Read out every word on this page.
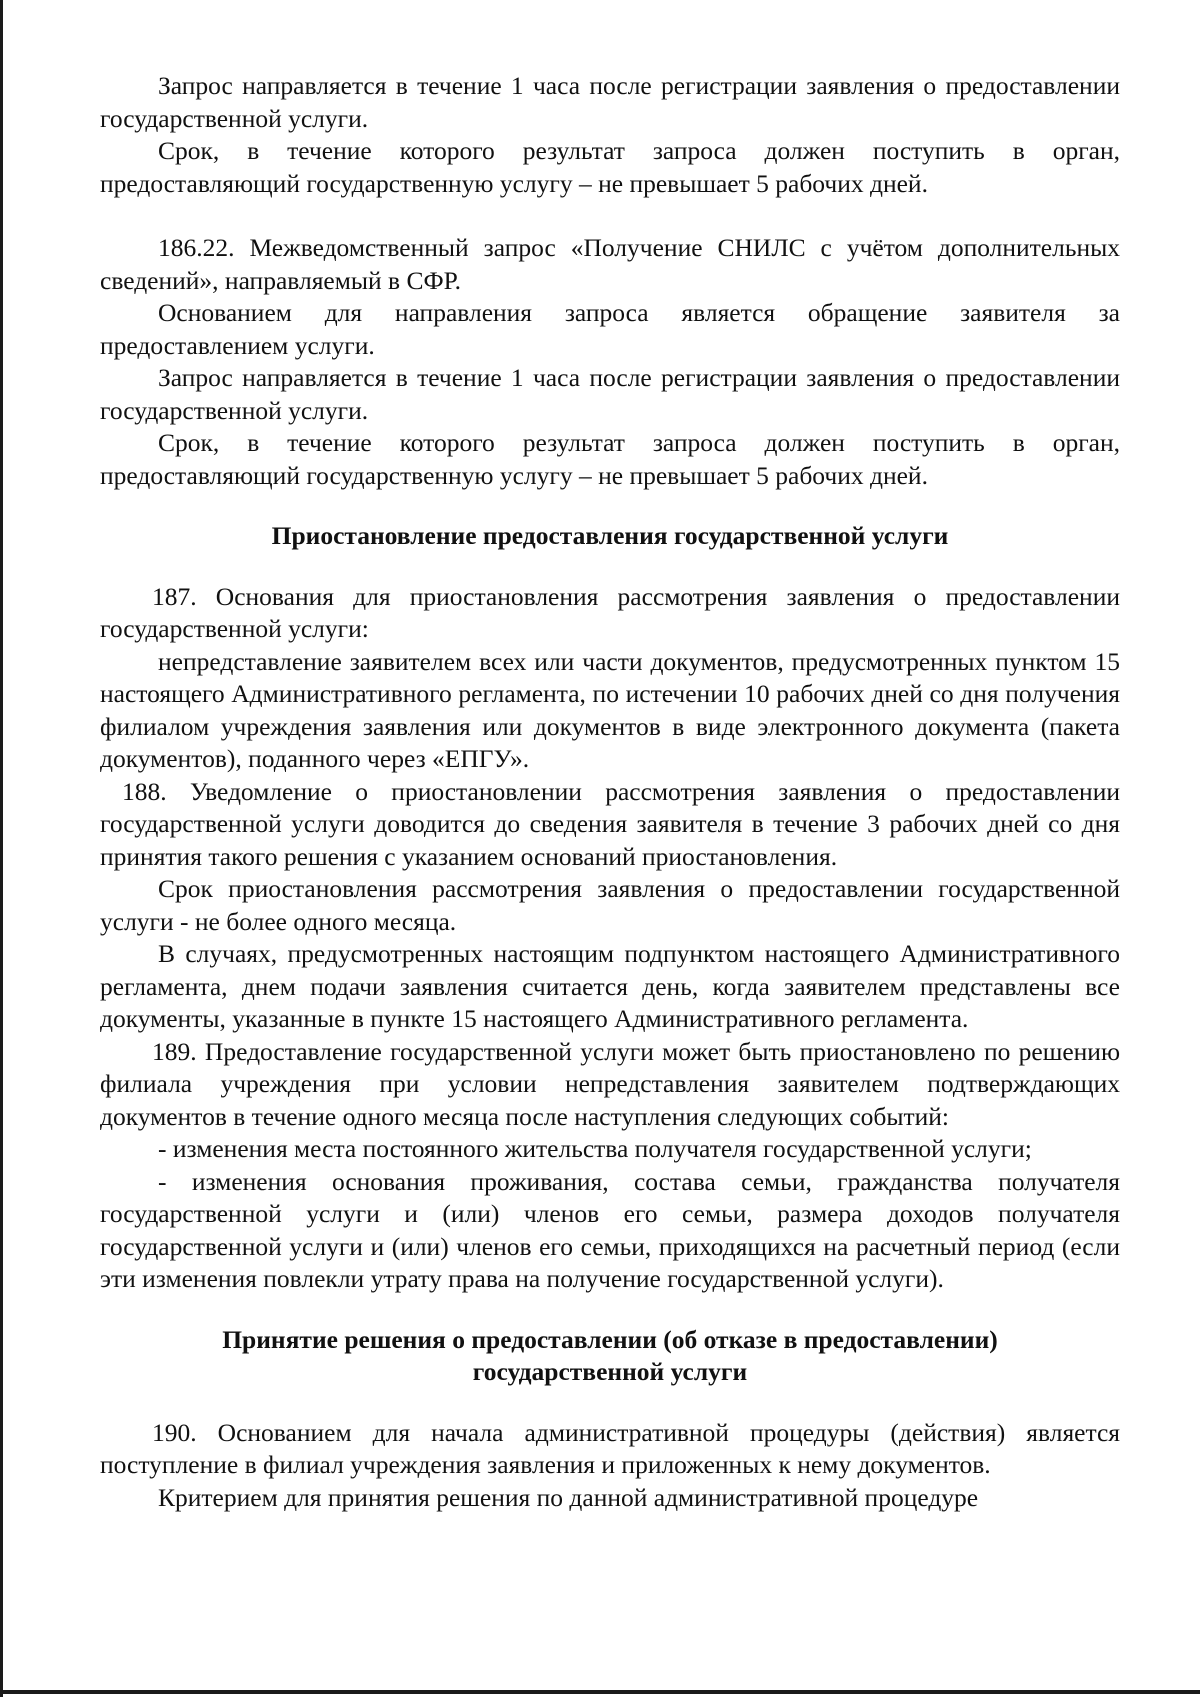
Запрос направляется в течение 1 часа после регистрации заявления о предоставлении государственной услуги.

Срок, в течение которого результат запроса должен поступить в орган, предоставляющий государственную услугу – не превышает 5 рабочих дней.

186.22. Межведомственный запрос «Получение СНИЛС с учётом дополнительных сведений», направляемый в СФР.

Основанием для направления запроса является обращение заявителя за предоставлением услуги.

Запрос направляется в течение 1 часа после регистрации заявления о предоставлении государственной услуги.

Срок, в течение которого результат запроса должен поступить в орган, предоставляющий государственную услугу – не превышает 5 рабочих дней.

Приостановление предоставления государственной услуги

187. Основания для приостановления рассмотрения заявления о предоставлении государственной услуги:

непредставление заявителем всех или части документов, предусмотренных пунктом 15 настоящего Административного регламента, по истечении 10 рабочих дней со дня получения филиалом учреждения заявления или документов в виде электронного документа (пакета документов), поданного через «ЕПГУ».

188. Уведомление о приостановлении рассмотрения заявления о предоставлении государственной услуги доводится до сведения заявителя в течение 3 рабочих дней со дня принятия такого решения с указанием оснований приостановления.

Срок приостановления рассмотрения заявления о предоставлении государственной услуги - не более одного месяца.

В случаях, предусмотренных настоящим подпунктом настоящего Административного регламента, днем подачи заявления считается день, когда заявителем представлены все документы, указанные в пункте 15 настоящего Административного регламента.

189. Предоставление государственной услуги может быть приостановлено по решению филиала учреждения при условии непредставления заявителем подтверждающих документов в течение одного месяца после наступления следующих событий:

- изменения места постоянного жительства получателя государственной услуги;

- изменения основания проживания, состава семьи, гражданства получателя государственной услуги и (или) членов его семьи, размера доходов получателя государственной услуги и (или) членов его семьи, приходящихся на расчетный период (если эти изменения повлекли утрату права на получение государственной услуги).

Принятие решения о предоставлении (об отказе в предоставлении)
государственной услуги

190. Основанием для начала административной процедуры (действия) является поступление в филиал учреждения заявления и приложенных к нему документов.

Критерием для принятия решения по данной административной процедуре
